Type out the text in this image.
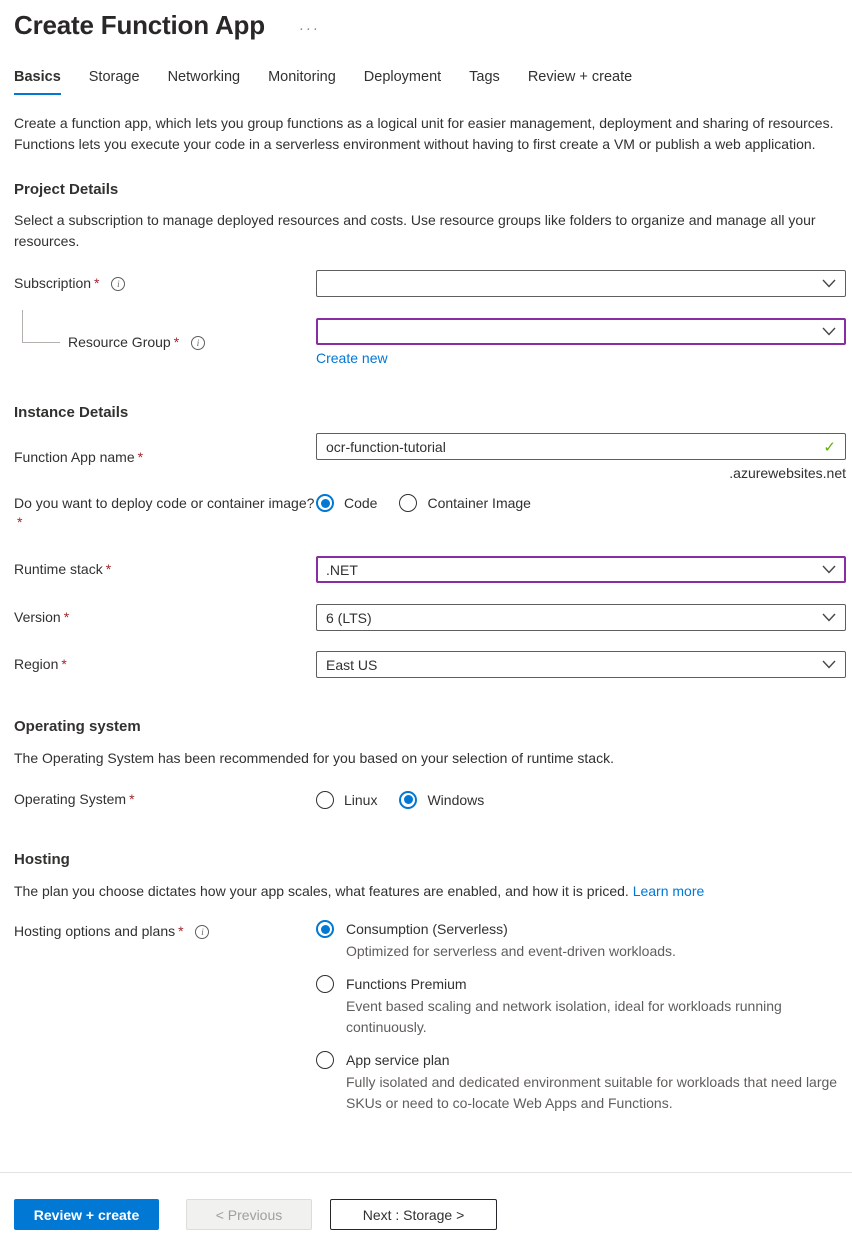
Create Function App ···
Basics Storage Networking Monitoring Deployment Tags Review + create

Create a function app, which lets you group functions as a logical unit for easier management, deployment and sharing of resources. Functions lets you execute your code in a serverless environment without having to first create a VM or publish a web application.

Project Details

Select a subscription to manage deployed resources and costs. Use resource groups like folders to organize and manage all your resources.

Subscription * i
Resource Group * i
Create new
Instance Details
Function App name *
ocr-function-tutorial
✓
.azurewebsites.net
Do you want to deploy code or container image?*
Code	Container Image
Runtime stack *	.NET
Version *	6 (LTS)
Region *	East US
Operating system

The Operating System has been recommended for you based on your selection of runtime stack.

Operating System *	Linux	Windows
Hosting

The plan you choose dictates how your app scales, what features are enabled, and how it is priced. Learn more

Hosting options and plans * i	Consumption (Serverless)
Optimized for serverless and event-driven workloads.
Functions Premium
Event based scaling and network isolation, ideal for workloads running continuously.
App service plan
Fully isolated and dedicated environment suitable for workloads that need large SKUs or need to co-locate Web Apps and Functions.
Review + create	< Previous	Next : Storage >
